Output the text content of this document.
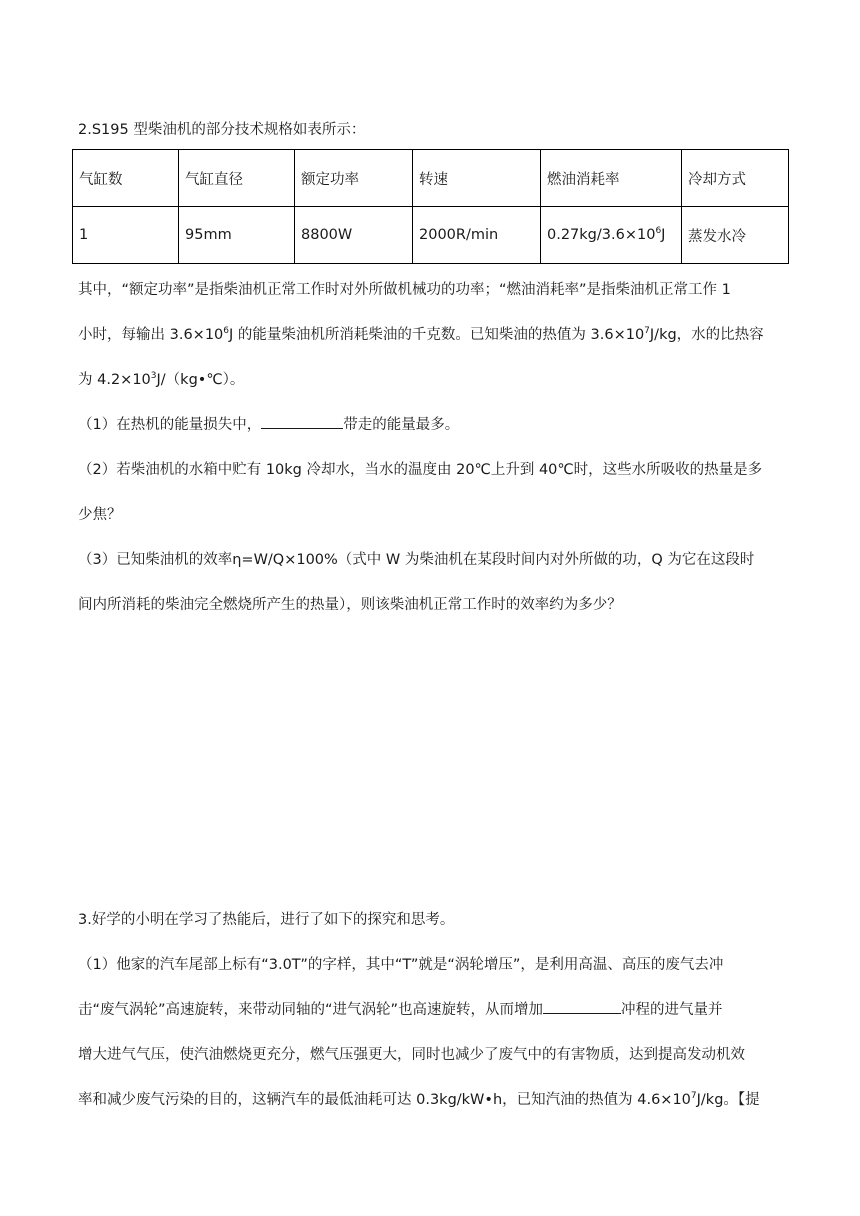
2.S195 型柴油机的部分技术规格如表所示：
气缸数	气缸直径	额定功率	转速	燃油消耗率	冷却方式
1	95mm	8800W	2000R/min	$0.27kg/3.6\times 10^6J$	蒸发水冷
其中，“额定功率”是指柴油机正常工作时对外所做机械功的功率；“燃油消耗率”是指柴油机正常工作 1
小时，每输出 $3.6\times 10^6J$ 的能量柴油机所消耗柴油的千克数。已知柴油的热值为 $3.6\times 10^7J/kg$，水的比热容
为 $4.2\times 10^3J/(kg•℃)$。
（1）在热机的能量损失中，	带走的能量最多。
（2）若柴油机的水箱中贮有 10kg 冷却水，当水的温度由 20℃上升到 40℃时，这些水所吸收的热量是多
少焦？
（3）已知柴油机的效率η=W/Q×100%（式中 W 为柴油机在某段时间内对外所做的功，Q 为它在这段时
间内所消耗的柴油完全燃烧所产生的热量），则该柴油机正常工作时的效率约为多少？
3.好学的小明在学习了热能后，进行了如下的探究和思考。
（1）他家的汽车尾部上标有“3.0T”的字样，其中“T”就是“涡轮增压”，是利用高温、高压的废气去冲
击“废气涡轮”高速旋转，来带动同轴的“进气涡轮”也高速旋转，从而增加	冲程的进气量并
增大进气气压，使汽油燃烧更充分，燃气压强更大，同时也减少了废气中的有害物质，达到提高发动机效
率和减少废气污染的目的，这辆汽车的最低油耗可达 0.3kg/kW•h，已知汽油的热值为 $4.6\times 10^7J/kg$。【提
